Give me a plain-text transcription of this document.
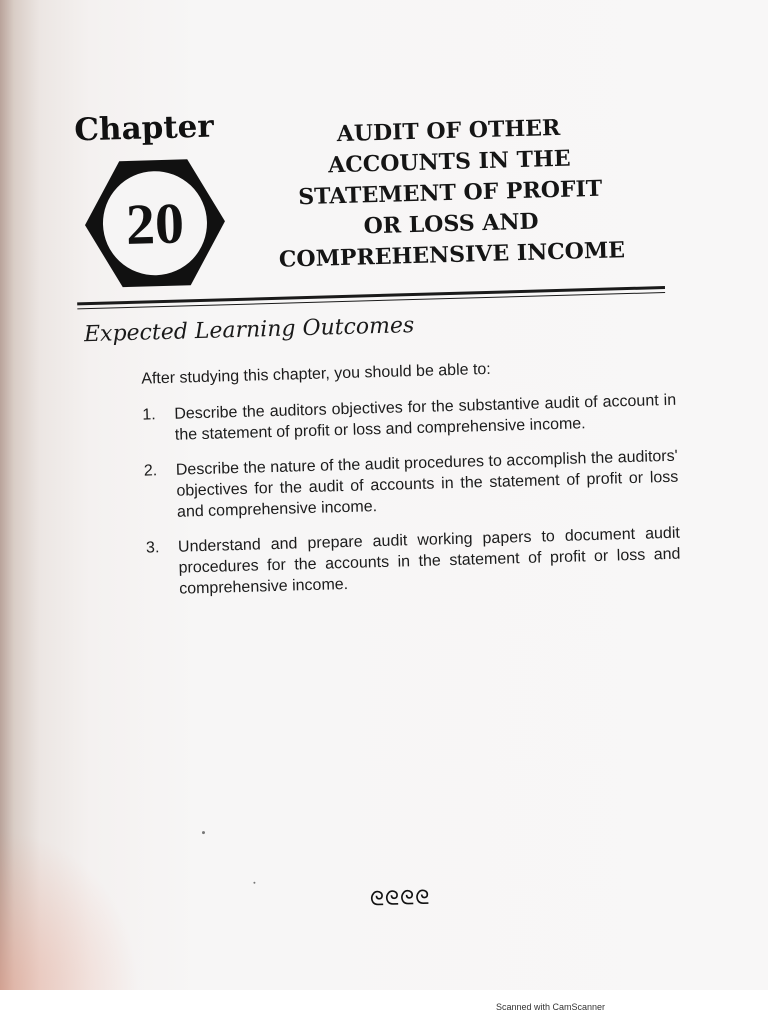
Chapter
20
AUDIT OF OTHER
ACCOUNTS IN THE
STATEMENT OF PROFIT
OR LOSS AND
COMPREHENSIVE INCOME
Expected Learning Outcomes
After studying this chapter, you should be able to:
1.	Describe the auditors objectives for the substantive audit of account in the statement of profit or loss and comprehensive income.
2.	Describe the nature of the audit procedures to accomplish the auditors' objectives for the audit of accounts in the statement of profit or loss and comprehensive income.
3.	Understand and prepare audit working papers to document audit procedures for the accounts in the statement of profit or loss and comprehensive income.
ᘓᘓᘓᘓ
Scanned with CamScanner
